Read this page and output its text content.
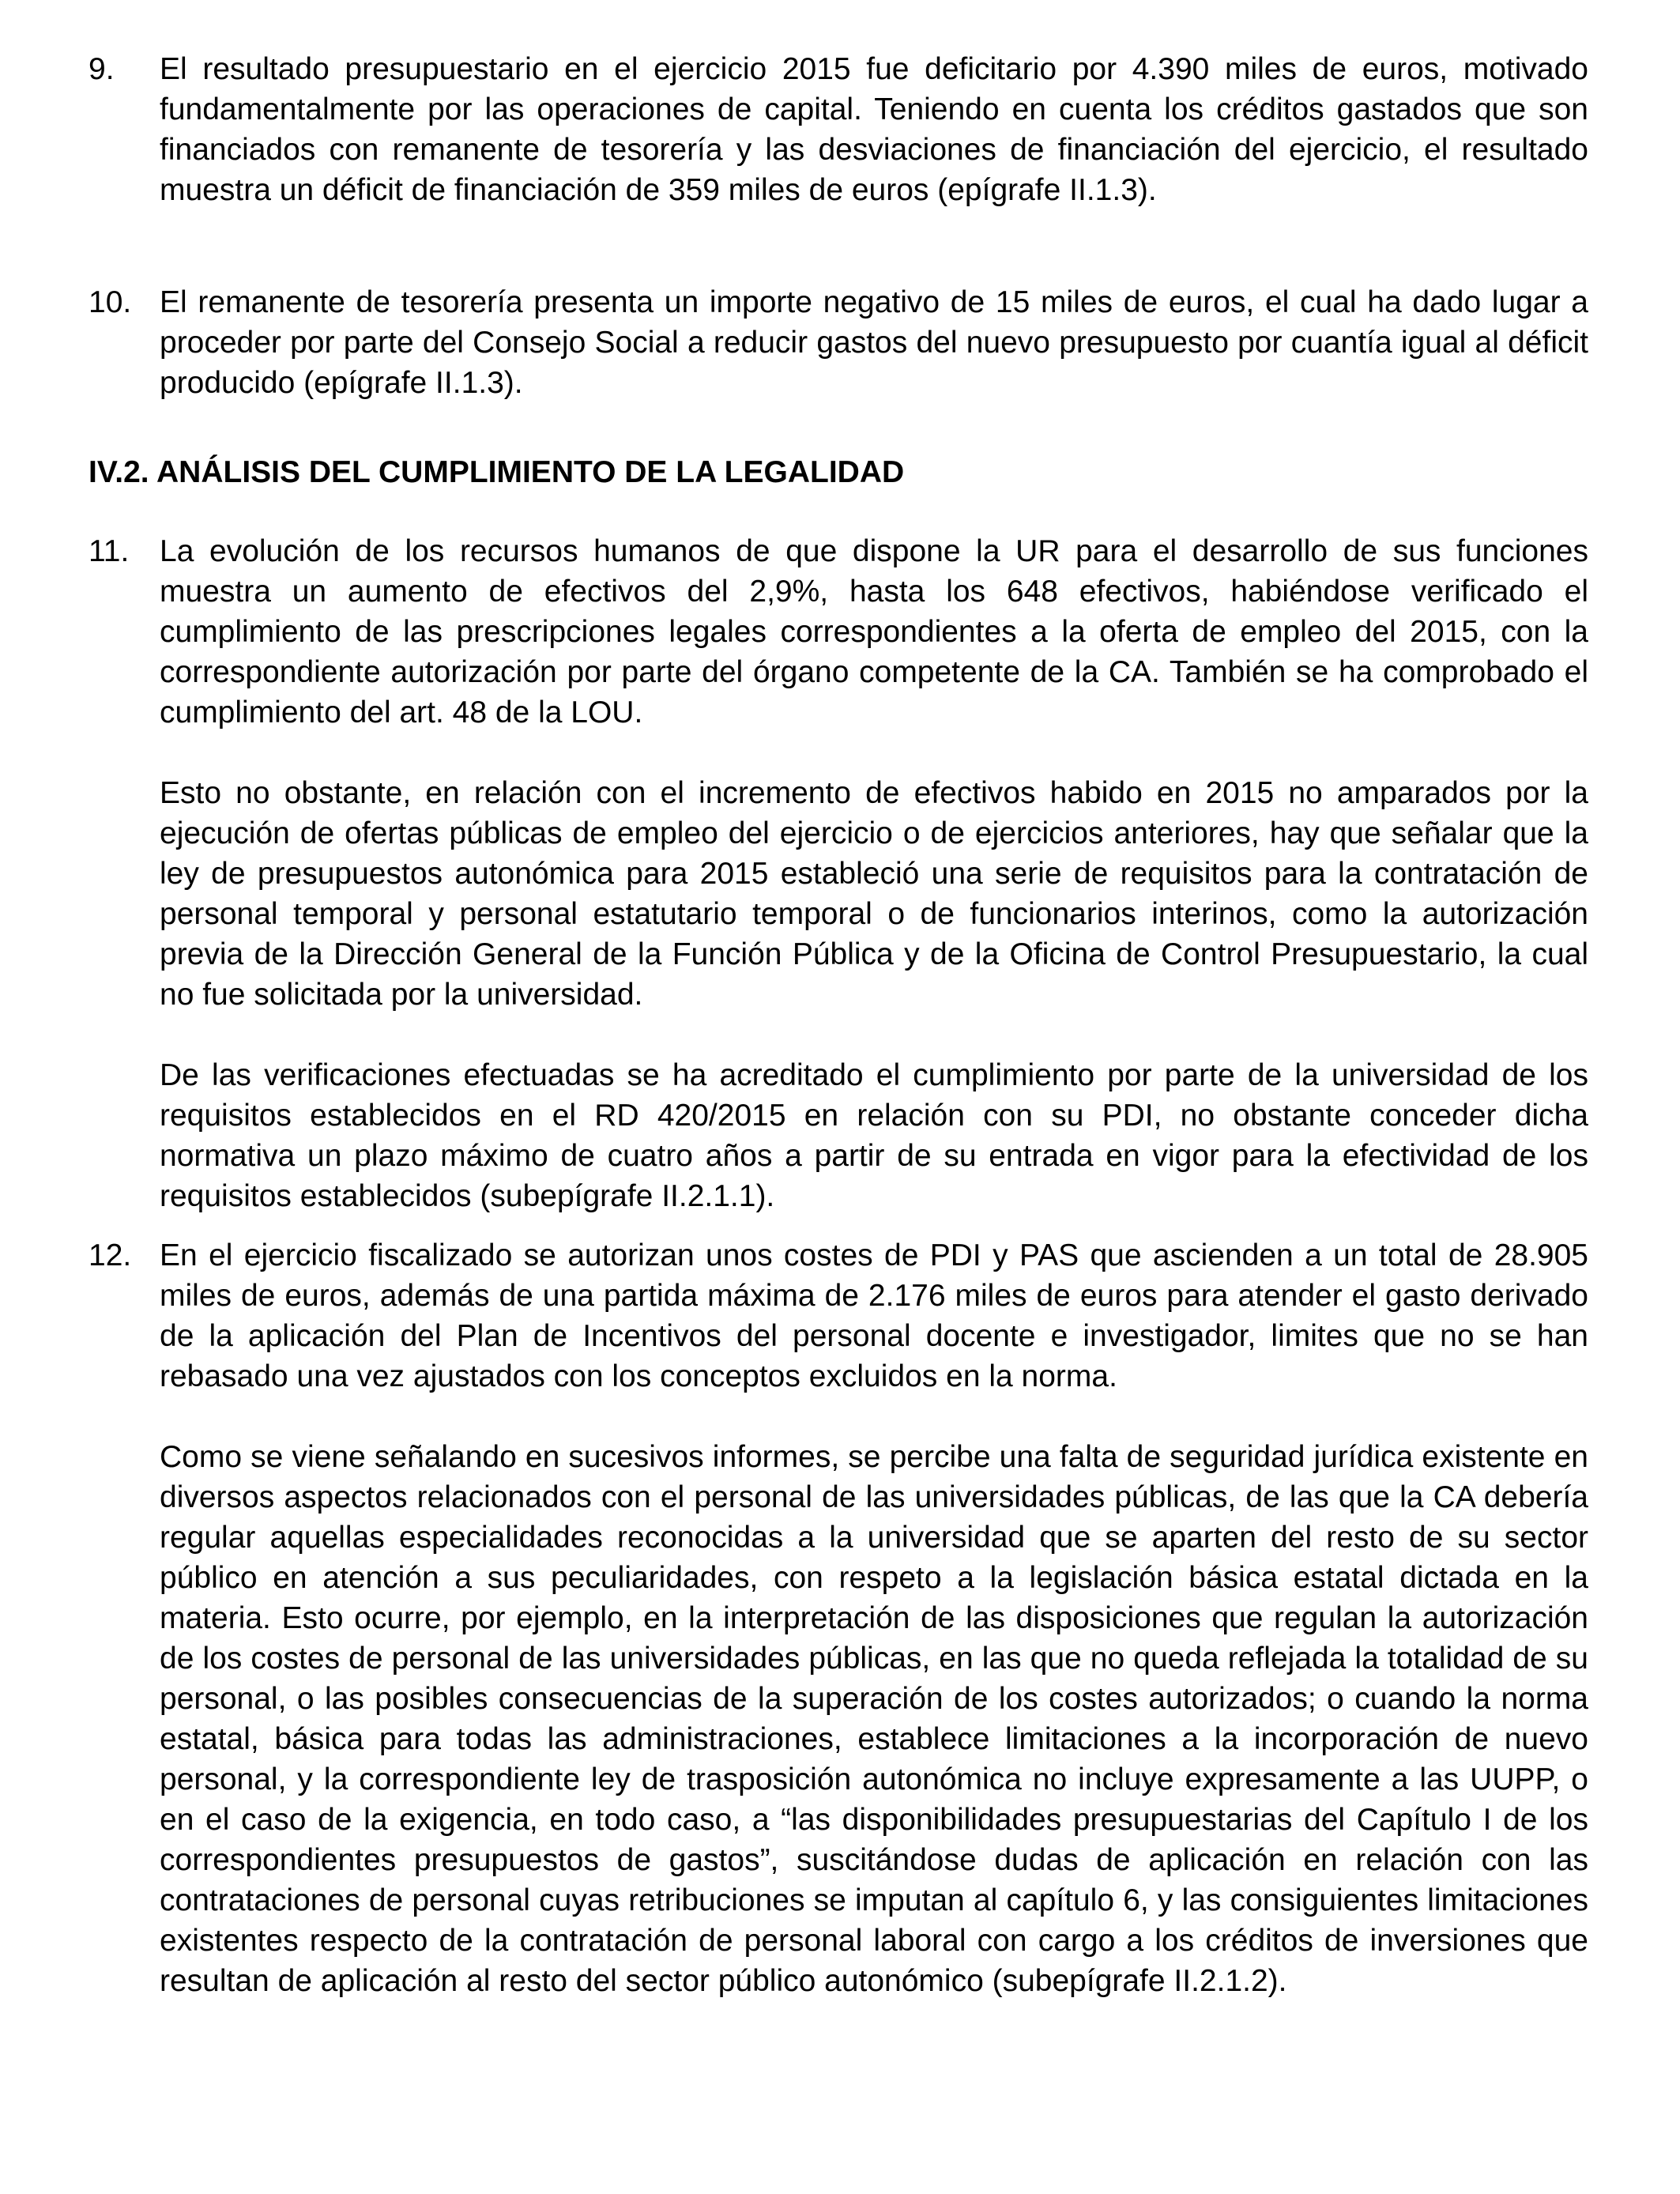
9.	El resultado presupuestario en el ejercicio 2015 fue deficitario por 4.390 miles de euros, motivado fundamentalmente por las operaciones de capital. Teniendo en cuenta los créditos gastados que son financiados con remanente de tesorería y las desviaciones de financiación del ejercicio, el resultado muestra un déficit de financiación de 359 miles de euros (epígrafe II.1.3).

10. El remanente de tesorería presenta un importe negativo de 15 miles de euros, el cual ha dado lugar a proceder por parte del Consejo Social a reducir gastos del nuevo presupuesto por cuantía igual al déficit producido (epígrafe II.1.3).

IV.2. ANÁLISIS DEL CUMPLIMIENTO DE LA LEGALIDAD
11. La evolución de los recursos humanos de que dispone la UR para el desarrollo de sus funciones muestra un aumento de efectivos del 2,9%, hasta los 648 efectivos, habiéndose verificado el cumplimiento de las prescripciones legales correspondientes a la oferta de empleo del 2015, con la correspondiente autorización por parte del órgano competente de la CA. También se ha comprobado el cumplimiento del art. 48 de la LOU.

Esto no obstante, en relación con el incremento de efectivos habido en 2015 no amparados por la ejecución de ofertas públicas de empleo del ejercicio o de ejercicios anteriores, hay que señalar que la ley de presupuestos autonómica para 2015 estableció una serie de requisitos para la contratación de personal temporal y personal estatutario temporal o de funcionarios interinos, como la autorización previa de la Dirección General de la Función Pública y de la Oficina de Control Presupuestario, la cual no fue solicitada por la universidad.

De las verificaciones efectuadas se ha acreditado el cumplimiento por parte de la universidad de los requisitos establecidos en el RD 420/2015 en relación con su PDI, no obstante conceder dicha normativa un plazo máximo de cuatro años a partir de su entrada en vigor para la efectividad de los requisitos establecidos (subepígrafe II.2.1.1).

12. En el ejercicio fiscalizado se autorizan unos costes de PDI y PAS que ascienden a un total de 28.905 miles de euros, además de una partida máxima de 2.176 miles de euros para atender el gasto derivado de la aplicación del Plan de Incentivos del personal docente e investigador, limites que no se han rebasado una vez ajustados con los conceptos excluidos en la norma.

Como se viene señalando en sucesivos informes, se percibe una falta de seguridad jurídica existente en diversos aspectos relacionados con el personal de las universidades públicas, de las que la CA debería regular aquellas especialidades reconocidas a la universidad que se aparten del resto de su sector público en atención a sus peculiaridades, con respeto a la legislación básica estatal dictada en la materia. Esto ocurre, por ejemplo, en la interpretación de las disposiciones que regulan la autorización de los costes de personal de las universidades públicas, en las que no queda reflejada la totalidad de su personal, o las posibles consecuencias de la superación de los costes autorizados; o cuando la norma estatal, básica para todas las administraciones, establece limitaciones a la incorporación de nuevo personal, y la correspondiente ley de trasposición autonómica no incluye expresamente a las UUPP, o en el caso de la exigencia, en todo caso, a “las disponibilidades presupuestarias del Capítulo I de los correspondientes presupuestos de gastos”, suscitándose dudas de aplicación en relación con las contrataciones de personal cuyas retribuciones se imputan al capítulo 6, y las consiguientes limitaciones existentes respecto de la contratación de personal laboral con cargo a los créditos de inversiones que resultan de aplicación al resto del sector público autonómico (subepígrafe II.2.1.2).
